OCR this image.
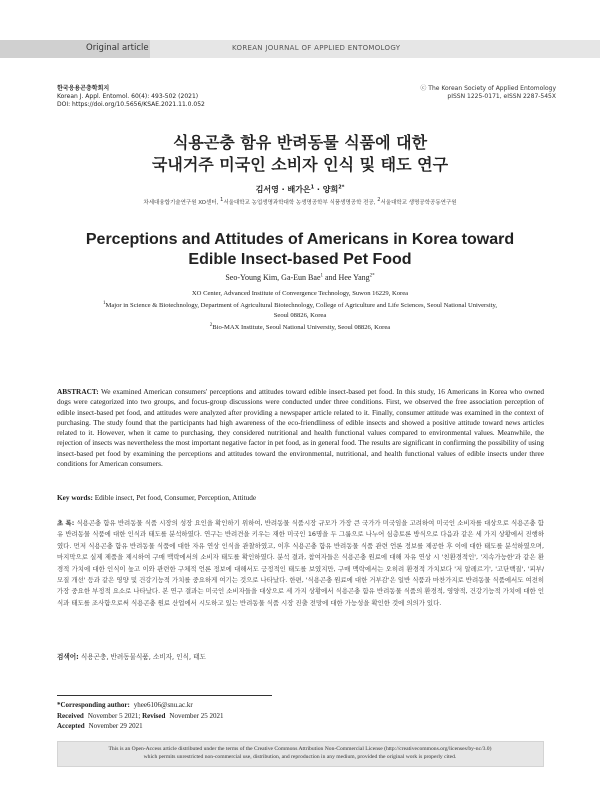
Original article	KOREAN JOURNAL OF APPLIED ENTOMOLOGY
한국응용곤충학회지
Korean J. Appl. Entomol. 60(4): 493-502 (2021)
DOI: https://doi.org/10.5656/KSAE.2021.11.0.052
ⓒ The Korean Society of Applied Entomology
pISSN 1225-0171, eISSN 2287-545X
식용곤충 함유 반려동물 식품에 대한
국내거주 미국인 소비자 인식 및 태도 연구
김서영 · 배가은$^1$ · 양희$^{2*}$
차세대융합기술연구원 XO센터, $^1$서울대학교 농업생명과학대학 농생명공학부 식품생명공학 전공, $^2$서울대학교 생명공학공동연구원
Perceptions and Attitudes of Americans in Korea toward
Edible Insect-based Pet Food
Seo-Young Kim, Ga-Eun Bae$^1$ and Hee Yang$^{2*}$
XO Center, Advanced Institute of Convergence Technology, Suwon 16229, Korea
$^1$Major in Science & Biotechnology, Department of Agricultural Biotechnology, College of Agriculture and Life Sciences, Seoul National University,
Seoul 08826, Korea
$^2$Bio-MAX Institute, Seoul National University, Seoul 08826, Korea
ABSTRACT: We examined American consumers' perceptions and attitudes toward edible insect-based pet food. In this study, 16 Americans in Korea who owned dogs were categorized into two groups, and focus-group discussions were conducted under three conditions. First, we observed the free association perception of edible insect-based pet food, and attitudes were analyzed after providing a newspaper article related to it. Finally, consumer attitude was examined in the context of purchasing. The study found that the participants had high awareness of the eco-friendliness of edible insects and showed a positive attitude toward news articles related to it. However, when it came to purchasing, they considered nutritional and health functional values compared to environmental values. Meanwhile, the rejection of insects was nevertheless the most important negative factor in pet food, as in general food. The results are significant in confirming the possibility of using insect-based pet food by examining the perceptions and attitudes toward the environmental, nutritional, and health functional values of edible insects under three conditions for American consumers.
Key words: Edible insect, Pet food, Consumer, Perception, Attitude
초 록: 식용곤충 함유 반려동물 식품 시장의 성장 요인을 확인하기 위하여, 반려동물 식품시장 규모가 가장 큰 국가가 미국임을 고려하여 미국인 소비자를 대상으로 식용곤충 함유 반려동물 식품에 대한 인식과 태도를 분석하였다. 연구는 반려견을 키우는 재한 미국인 16명을 두 그룹으로 나누어 심층토론 방식으로 다음과 같은 세 가지 상황에서 진행하였다. 먼저 식용곤충 함유 반려동물 식품에 대한 자유 연상 인식을 관찰하였고, 이후 식용곤충 함유 반려동물 식품 관련 언론 정보를 제공한 후 이에 대한 태도를 분석하였으며, 마지막으로 실제 제품을 제시하여 구매 맥락에서의 소비자 태도를 확인하였다. 분석 결과, 참여자들은 식용곤충 원료에 대해 자유 연상 시 '친환경적인', '지속가능한'과 같은 환경적 가치에 대한 인식이 높고 이와 관련한 구체적 언론 정보에 대해서도 긍정적인 태도를 보였지만, 구매 맥락에서는 오히려 환경적 가치보다 '저 알레르기', '고단백질', '피부/모질 개선' 등과 같은 영양 및 건강기능적 가치를 중요하게 여기는 것으로 나타났다. 한편, '식용곤충 원료에 대한 거부감'은 일반 식품과 마찬가지로 반려동물 식품에서도 여전히 가장 중요한 부정적 요소로 나타났다. 본 연구 결과는 미국인 소비자들을 대상으로 세 가지 상황에서 식용곤충 함유 반려동물 식품의 환경적, 영양적, 건강기능적 가치에 대한 인식과 태도를 조사함으로써 식용곤충 원료 산업에서 시도하고 있는 반려동물 식품 시장 진출 전망에 대한 가능성을 확인한 것에 의의가 있다.
검색어: 식용곤충, 반려동물식품, 소비자, 인식, 태도
*Corresponding author: yhee6106@snu.ac.kr
Received November 5 2021; Revised November 25 2021
Accepted November 29 2021
This is an Open-Access article distributed under the terms of the Creative Commons Attribution Non-Commercial License (http://creativecommons.org/licenses/by-nc/3.0)
which permits unrestricted non-commercial use, distribution, and reproduction in any medium, provided the original work is properly cited.
